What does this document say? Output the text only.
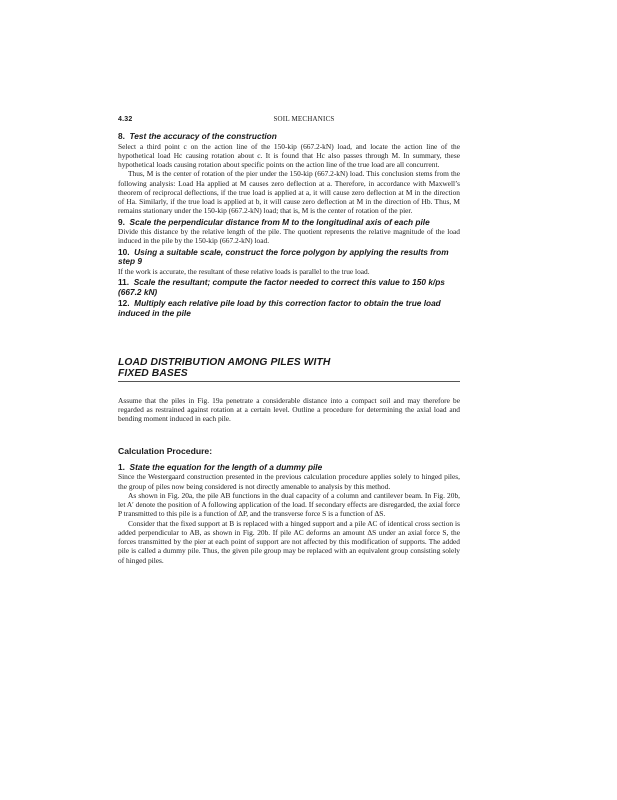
4.32	SOIL MECHANICS

8. Test the accuracy of the construction

Select a third point c on the action line of the 150-kip (667.2-kN) load, and locate the action line of the hypothetical load Hc causing rotation about c. It is found that Hc also passes through M. In summary, these hypothetical loads causing rotation about specific points on the action line of the true load are all concurrent.

Thus, M is the center of rotation of the pier under the 150-kip (667.2-kN) load. This conclusion stems from the following analysis: Load Ha applied at M causes zero deflection at a. Therefore, in accordance with Maxwell’s theorem of reciprocal deflections, if the true load is applied at a, it will cause zero deflection at M in the direction of Ha. Similarly, if the true load is applied at b, it will cause zero deflection at M in the direction of Hb. Thus, M remains stationary under the 150-kip (667.2-kN) load; that is, M is the center of rotation of the pier.

9. Scale the perpendicular distance from M to the longitudinal axis of each pile

Divide this distance by the relative length of the pile. The quotient represents the relative magnitude of the load induced in the pile by the 150-kip (667.2-kN) load.

10. Using a suitable scale, construct the force polygon by applying the results from step 9

If the work is accurate, the resultant of these relative loads is parallel to the true load.

11. Scale the resultant; compute the factor needed to correct this value to 150 k/ps (667.2 kN)

12. Multiply each relative pile load by this correction factor to obtain the true load induced in the pile

LOAD DISTRIBUTION AMONG PILES WITH

FIXED BASES

Assume that the piles in Fig. 19a penetrate a considerable distance into a compact soil and may therefore be regarded as restrained against rotation at a certain level. Outline a procedure for determining the axial load and bending moment induced in each pile.

Calculation Procedure:

1. State the equation for the length of a dummy pile

Since the Westergaard construction presented in the previous calculation procedure applies solely to hinged piles, the group of piles now being considered is not directly amenable to analysis by this method.

As shown in Fig. 20a, the pile AB functions in the dual capacity of a column and cantilever beam. In Fig. 20b, let A′ denote the position of A following application of the load. If secondary effects are disregarded, the axial force P transmitted to this pile is a function of ΔP, and the transverse force S is a function of ΔS.

Consider that the fixed support at B is replaced with a hinged support and a pile AC of identical cross section is added perpendicular to AB, as shown in Fig. 20b. If pile AC deforms an amount ΔS under an axial force S, the forces transmitted by the pier at each point of support are not affected by this modification of supports. The added pile is called a dummy pile. Thus, the given pile group may be replaced with an equivalent group consisting solely of hinged piles.
